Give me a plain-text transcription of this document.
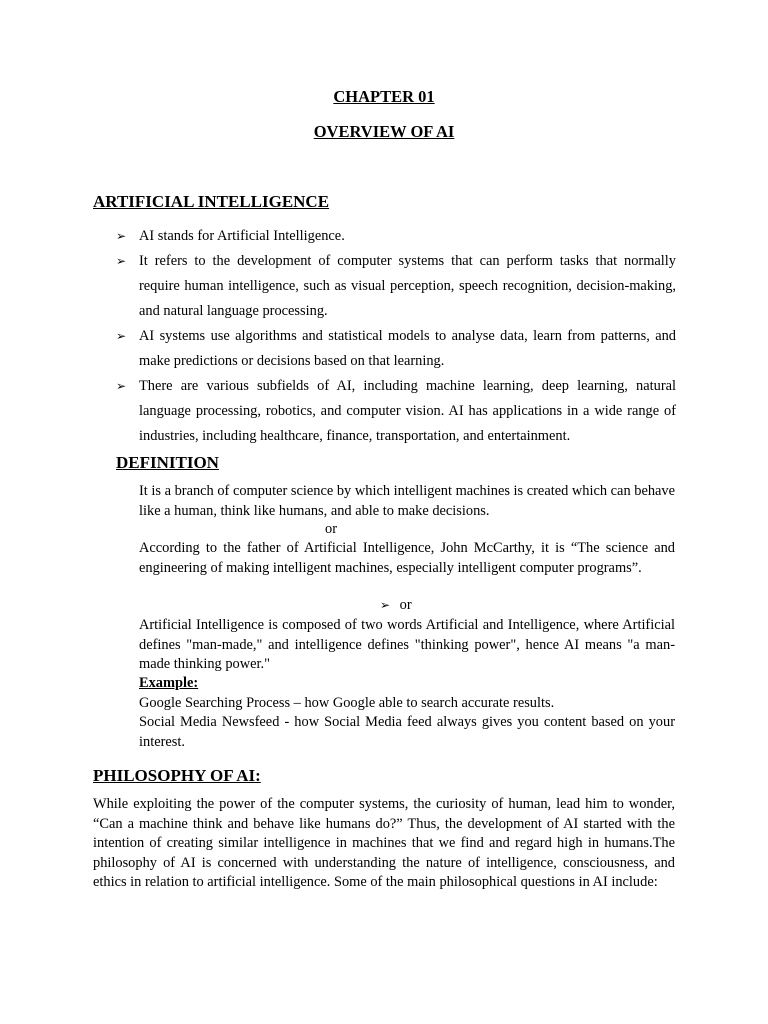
CHAPTER 01
OVERVIEW OF AI
ARTIFICIAL INTELLIGENCE
➢ AI stands for Artificial Intelligence.
➢ It refers to the development of computer systems that can perform tasks that normally require human intelligence, such as visual perception, speech recognition, decision-making, and natural language processing.
➢ AI systems use algorithms and statistical models to analyse data, learn from patterns, and make predictions or decisions based on that learning.
➢ There are various subfields of AI, including machine learning, deep learning, natural language processing, robotics, and computer vision. AI has applications in a wide range of industries, including healthcare, finance, transportation, and entertainment.
DEFINITION
It is a branch of computer science by which intelligent machines is created which can behave like a human, think like humans, and able to make decisions.
or
According to the father of Artificial Intelligence, John McCarthy, it is “The science and engineering of making intelligent machines, especially intelligent computer programs”.
➢ or
Artificial Intelligence is composed of two words Artificial and Intelligence, where Artificial defines "man-made," and intelligence defines "thinking power", hence AI means "a man-made thinking power."
Example:
Google Searching Process – how Google able to search accurate results.
Social Media Newsfeed - how Social Media feed always gives you content based on your interest.
PHILOSOPHY OF AI:
While exploiting the power of the computer systems, the curiosity of human, lead him to wonder, “Can a machine think and behave like humans do?” Thus, the development of AI started with the intention of creating similar intelligence in machines that we find and regard high in humans.The philosophy of AI is concerned with understanding the nature of intelligence, consciousness, and ethics in relation to artificial intelligence. Some of the main philosophical questions in AI include:
